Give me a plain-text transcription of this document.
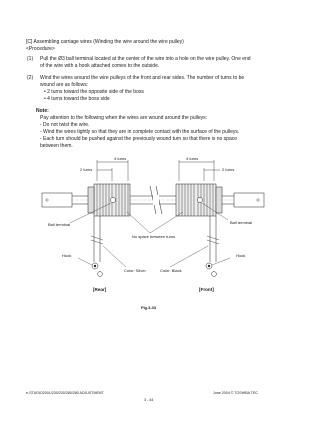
[C] Assembling carriage wires (Winding the wire around the wire pulley)
<Procedure>
(1) Pull the Ø3 ball terminal located at the center of the wire into a hole on the wire pulley. One end
of the wire with a hook attached comes to the outside.
(2) Wind the wires around the wire pulleys of the front and rear sides. The number of turns to be
wound are as follows:
• 2 turns toward the opposite side of the boss
• 4 turns toward the boss side
Note:
Pay attention to the following when the wires are wound around the pulleys:
- Do not twist the wire.
- Wind the wires tightly so that they are in complete contact with the surface of the pulleys.
- Each turn should be pushed against the previously wound turn so that there is no space
between them.
4 turns
2 turns
4 turns
2 turns
Ball terminal	Ball terminal
No space between turns
Hook	Hook
Color: Silver	Color: Black
[Rear]	[Front]
Fig.3-33
e-STUDIO200L/230/230/280/280 ADJUSTMENT	June 2004 © TOSHIBA TEC
3 - 44
